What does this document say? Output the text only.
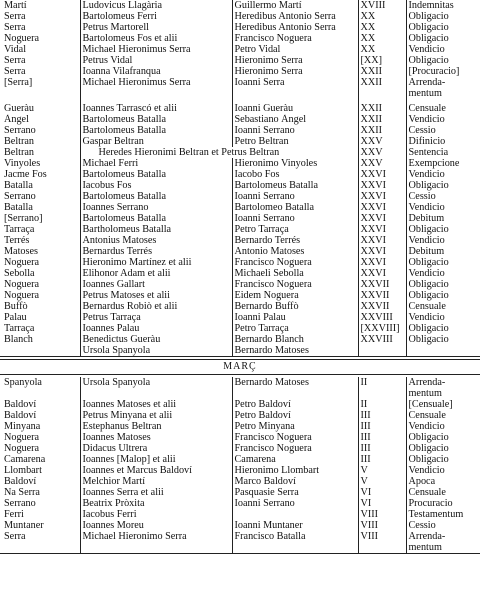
Martí	Ludovicus Llagària	Guillermo Martí	XVIII	Indemnitas
Serra	Bartolomeus Ferri	Heredibus Antonio Serra	XX	Obligacio
Serra	Petrus Martorell	Heredibus Antonio Serra	XX	Obligacio
Noguera	Bartolomeus Fos et alii	Francisco Noguera	XX	Obligacio
Vidal	Michael Hieronimus Serra	Petro Vidal	XX	Vendicio
Serra	Petrus Vidal	Hieronimo Serra	[XX]	Obligacio
Serra	Ioanna Vilafranqua	Hieronimo Serra	XXII	[Procuracio]
[Serra]	Michael Hieronimus Serra	Ioanni Serra	XXII	Arrenda-
				mentum

Gueràu	Ioannes Tarrascó et alii	Ioanni Gueràu	XXII	Censuale
Àngel	Bartolomeus Batalla	Sebastiano Àngel	XXII	Vendicio
Serrano	Bartolomeus Batalla	Ioanni Serrano	XXII	Cessio
Beltran	Gaspar Beltran	Petro Beltran	XXV	Difinicio
Beltran	Heredes Hieronimi Beltran et Petrus Beltran		XXV	Sentencia
Vinyoles	Michael Ferri	Hieronimo Vinyoles	XXV	Exempcione
Jacme Fos	Bartolomeus Batalla	Iacobo Fos	XXVI	Vendicio
Batalla	Iacobus Fos	Bartolomeus Batalla	XXVI	Obligacio
Serrano	Bartolomeus Batalla	Ioanni Serrano	XXVI	Cessio
Batalla	Ioannes Serrano	Bartolomeo Batalla	XXVI	Vendicio
[Serrano]	Bartolomeus Batalla	Ioanni Serrano	XXVI	Debitum
Tarraça	Bartholomeus Batalla	Petro Tarraça	XXVI	Obligacio
Terrés	Antonius Matoses	Bernardo Terrés	XXVI	Vendicio
Matoses	Bernardus Terrés	Antonio Matoses	XXVI	Debitum
Noguera	Hieronimo Martínez et alii	Francisco Noguera	XXVI	Obligacio
Sebolla	Elihonor Adam et alii	Michaeli Sebolla	XXVI	Vendicio
Noguera	Ioannes Gallart	Francisco Noguera	XXVII	Obligacio
Noguera	Petrus Matoses et alii	Eidem Noguera	XXVII	Obligacio
Buffò	Bernardus Robiò et alii	Bernardo Buffò	XXVII	Censuale
Palau	Petrus Tarraça	Ioanni Palau	XXVIII	Vendicio
Tarraça	Ioannes Palau	Petro Tarraça	[XXVIII]	Obligacio
Blanch	Benedictus Gueràu	Bernardo Blanch	XXVIII	Obligacio
	Ursola Spanyola	Bernardo Matoses		
MARÇ
Spanyola	Ursola Spanyola	Bernardo Matoses	II	Arrenda-
				mentum
Baldoví	Ioannes Matoses et alii	Petro Baldoví	II	[Censuale]
Baldoví	Petrus Minyana et alii	Petro Baldoví	III	Censuale
Minyana	Estephanus Beltran	Petro Minyana	III	Vendicio
Noguera	Ioannes Matoses	Francisco Noguera	III	Obligacio
Noguera	Didacus Ultrera	Francisco Noguera	III	Obligacio
Camarena	Ioannes [Malop] et alii	Camarena	III	Obligacio
Llombart	Ioannes et Marcus Baldoví	Hieronimo Llombart	V	Vendicio
Baldoví	Melchior Martí	Marco Baldoví	V	Apoca
Na Serra	Ioannes Serra et alii	Pasquasie Serra	VI	Censuale
Serrano	Beatrix Pròxita	Ioanni Serrano	VI	Procuracio
Ferri	Iacobus Ferri		VIII	Testamentum
Muntaner	Ioannes Moreu	Ioanni Muntaner	VIII	Cessio
Serra	Michael Hieronimo Serra	Francisco Batalla	VIII	Arrenda-
				mentum
